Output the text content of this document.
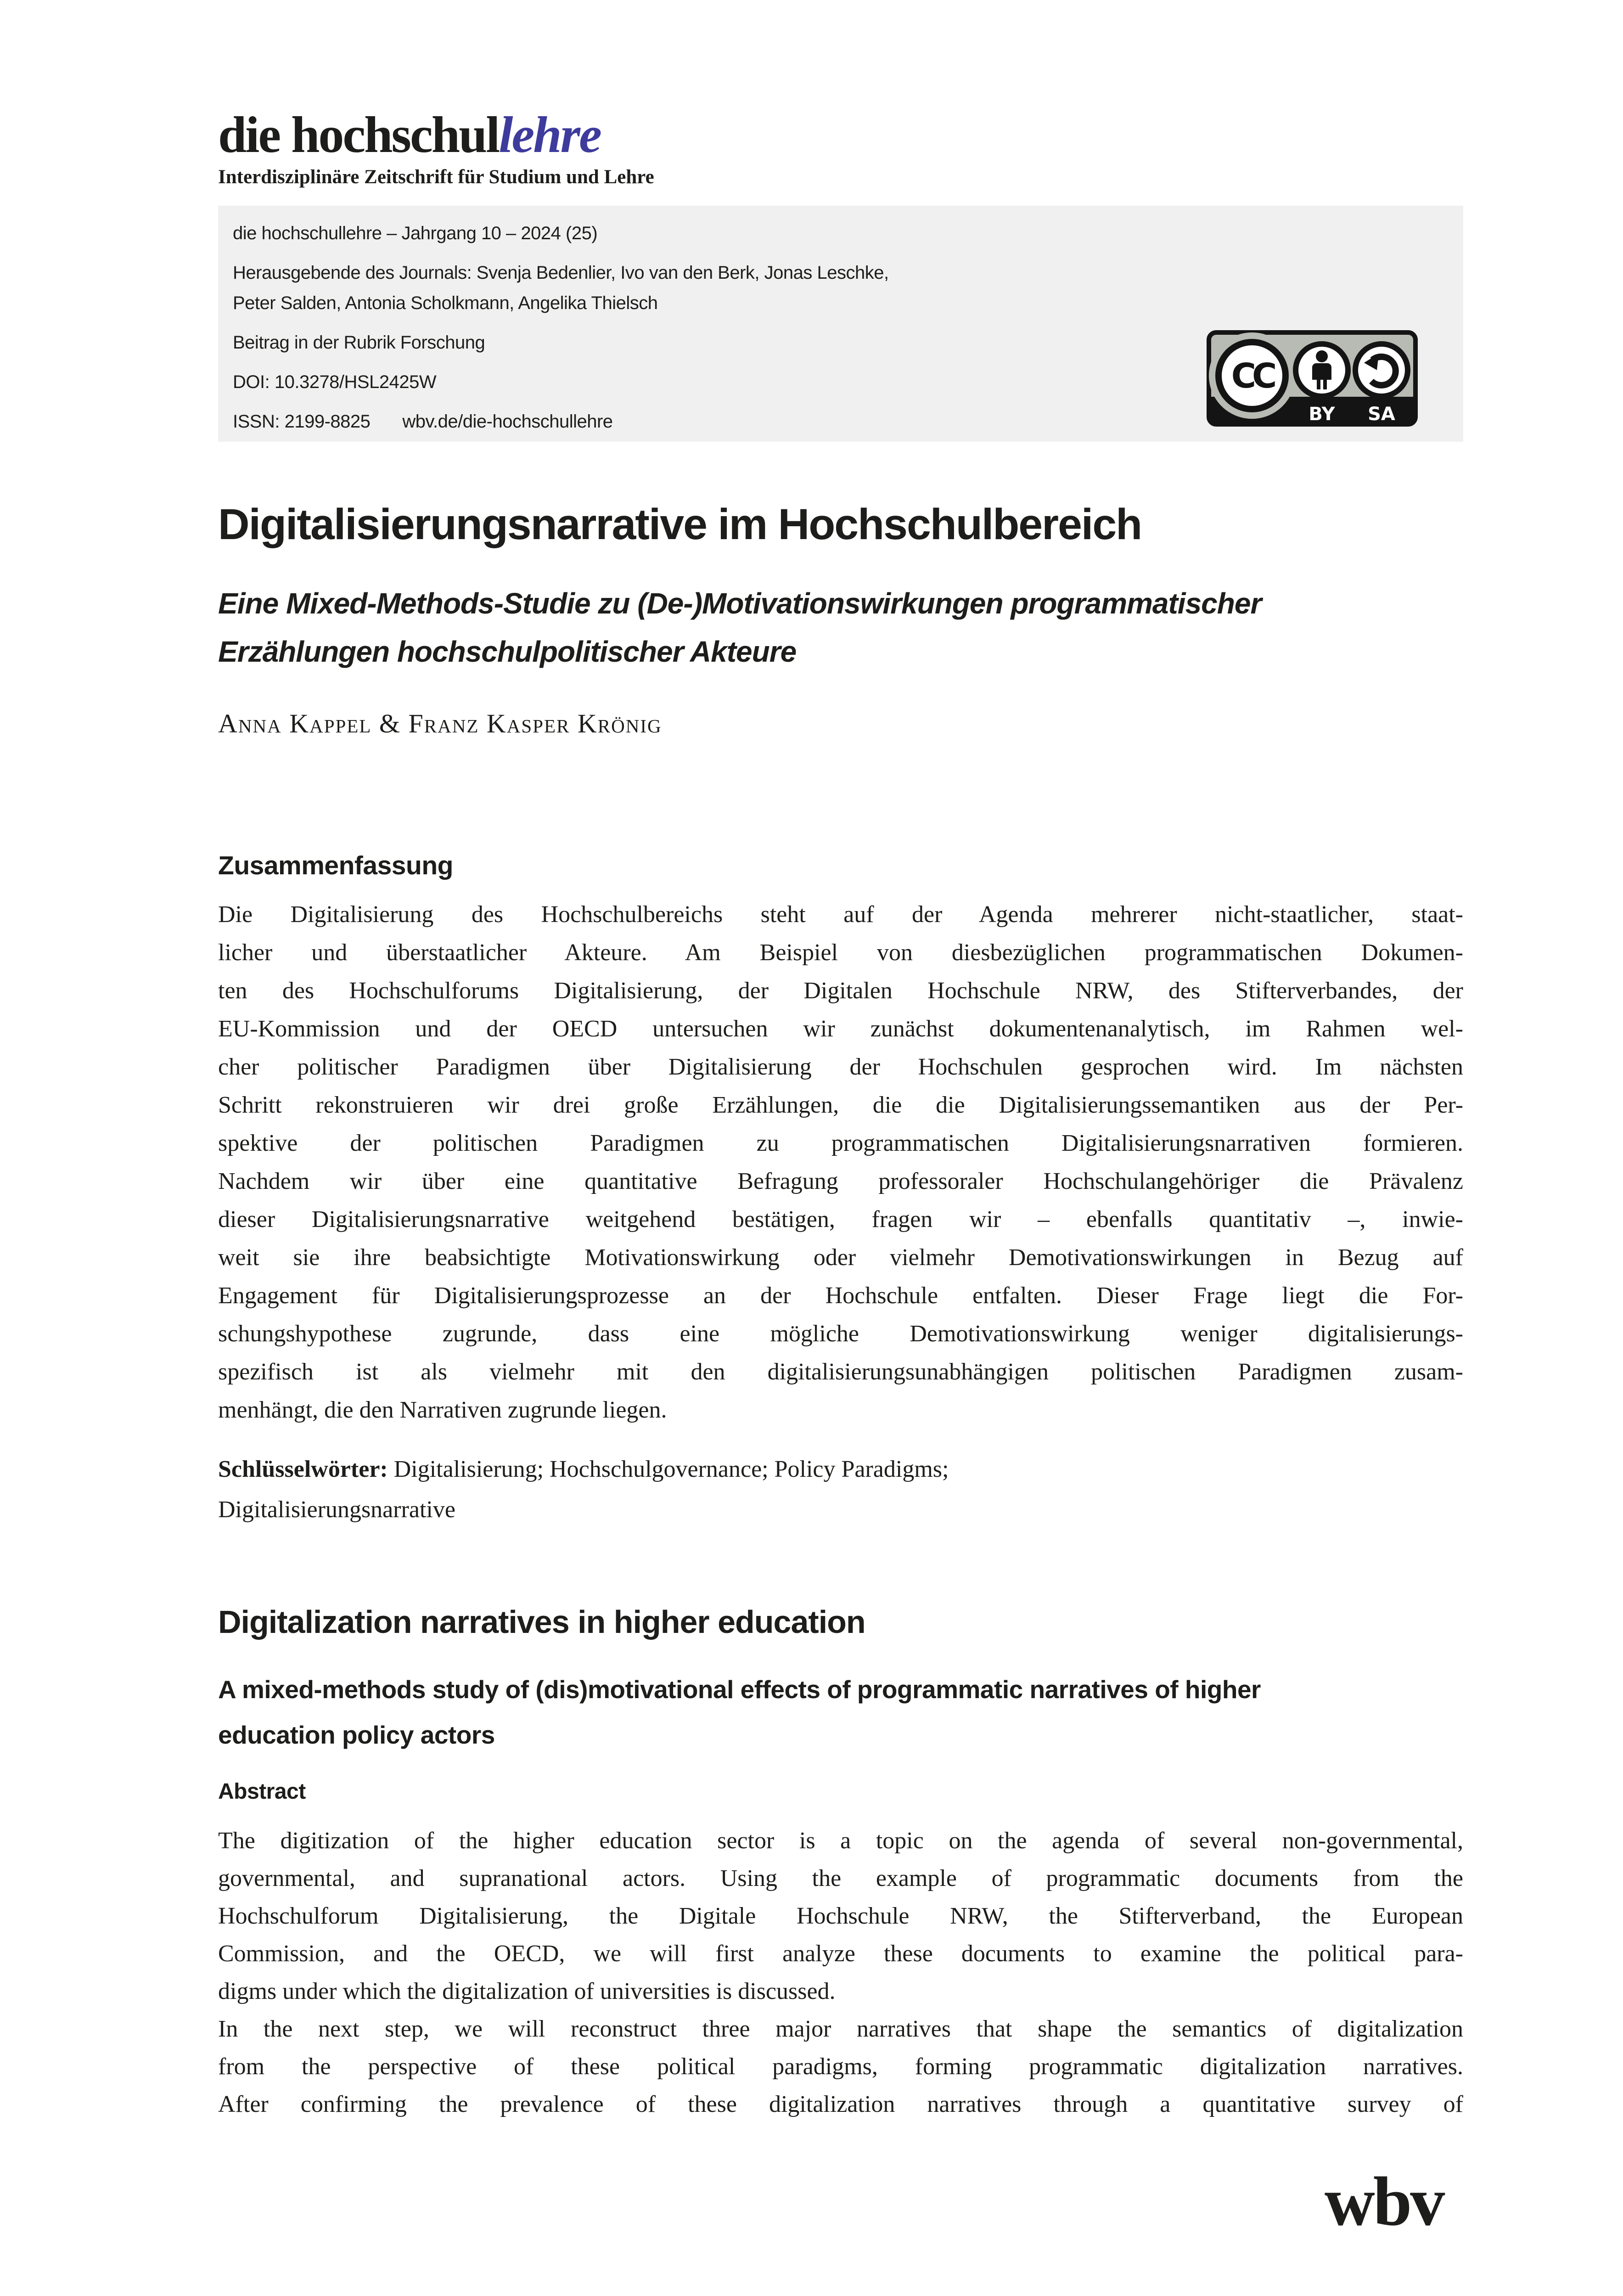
die hochschullehre
Interdisziplinäre Zeitschrift für Studium und Lehre
die hochschullehre – Jahrgang 10 – 2024 (25)
Herausgebende des Journals: Svenja Bedenlier, Ivo van den Berk, Jonas Leschke,
Peter Salden, Antonia Scholkmann, Angelika Thielsch
Beitrag in der Rubrik Forschung
DOI: 10.3278/HSL2425W
ISSN: 2199-8825 wbv.de/die-hochschullehre
CC
BY SA
Digitalisierungsnarrative im Hochschulbereich
Eine Mixed-Methods-Studie zu (De-)Motivationswirkungen programmatischer
Erzählungen hochschulpolitischer Akteure
Anna Kappel & Franz Kasper Krönig
Zusammenfassung
Die Digitalisierung des Hochschulbereichs steht auf der Agenda mehrerer nicht-staatlicher, staat-
licher und überstaatlicher Akteure. Am Beispiel von diesbezüglichen programmatischen Dokumen-
ten des Hochschulforums Digitalisierung, der Digitalen Hochschule NRW, des Stifterverbandes, der
EU-Kommission und der OECD untersuchen wir zunächst dokumentenanalytisch, im Rahmen wel-
cher politischer Paradigmen über Digitalisierung der Hochschulen gesprochen wird. Im nächsten
Schritt rekonstruieren wir drei große Erzählungen, die die Digitalisierungssemantiken aus der Per-
spektive der politischen Paradigmen zu programmatischen Digitalisierungsnarrativen formieren.
Nachdem wir über eine quantitative Befragung professoraler Hochschulangehöriger die Prävalenz
dieser Digitalisierungsnarrative weitgehend bestätigen, fragen wir – ebenfalls quantitativ –, inwie-
weit sie ihre beabsichtigte Motivationswirkung oder vielmehr Demotivationswirkungen in Bezug auf
Engagement für Digitalisierungsprozesse an der Hochschule entfalten. Dieser Frage liegt die For-
schungshypothese zugrunde, dass eine mögliche Demotivationswirkung weniger digitalisierungs-
spezifisch ist als vielmehr mit den digitalisierungsunabhängigen politischen Paradigmen zusam-
menhängt, die den Narrativen zugrunde liegen.
Schlüsselwörter: Digitalisierung; Hochschulgovernance; Policy Paradigms;
Digitalisierungsnarrative
Digitalization narratives in higher education
A mixed-methods study of (dis)motivational effects of programmatic narratives of higher
education policy actors
Abstract
The digitization of the higher education sector is a topic on the agenda of several non-governmental,
governmental, and supranational actors. Using the example of programmatic documents from the
Hochschulforum Digitalisierung, the Digitale Hochschule NRW, the Stifterverband, the European
Commission, and the OECD, we will first analyze these documents to examine the political para-
digms under which the digitalization of universities is discussed.
In the next step, we will reconstruct three major narratives that shape the semantics of digitalization
from the perspective of these political paradigms, forming programmatic digitalization narratives.
After confirming the prevalence of these digitalization narratives through a quantitative survey of
wbv
